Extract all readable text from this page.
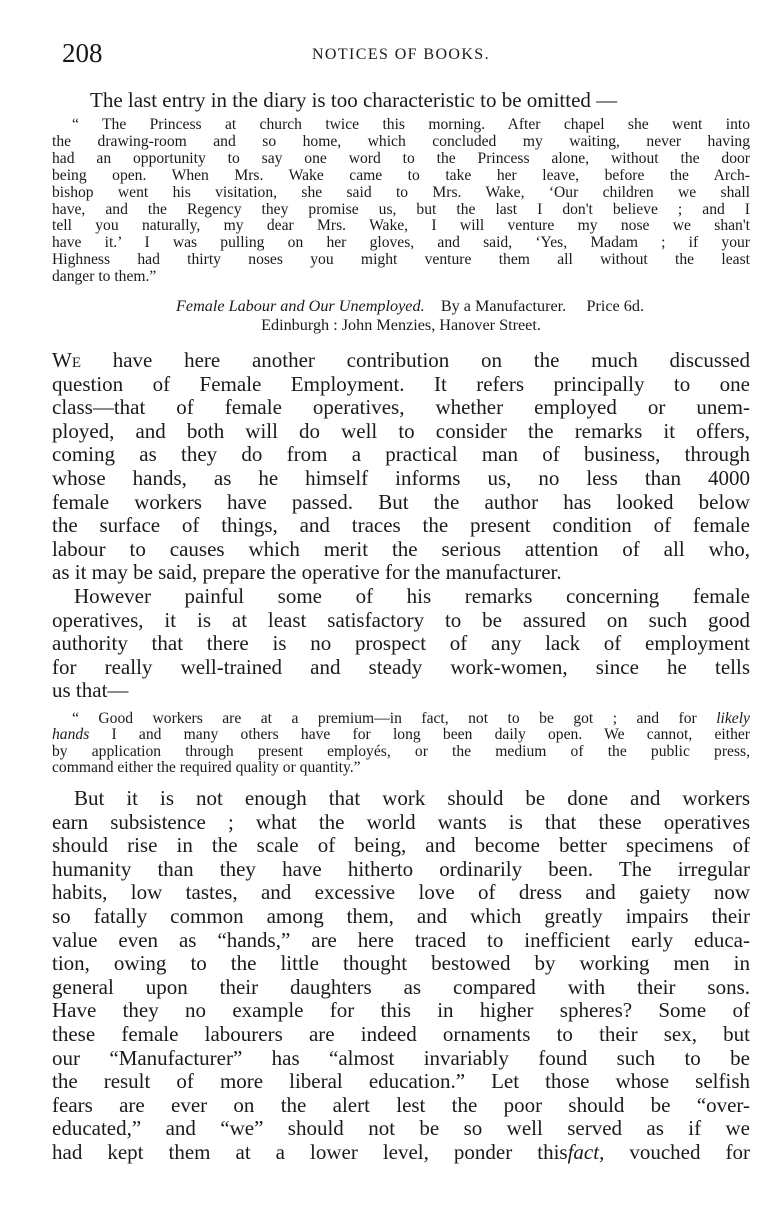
208	NOTICES OF BOOKS.
The last entry in the diary is too characteristic to be omitted —
“ The Princess at church twice this morning. After chapel she went into
the drawing-room and so home, which concluded my waiting, never having
had an opportunity to say one word to the Princess alone, without the door
being open. When Mrs. Wake came to take her leave, before the Arch-
bishop went his visitation, she said to Mrs. Wake, ‘Our children we shall
have, and the Regency they promise us, but the last I don't believe ; and I
tell you naturally, my dear Mrs. Wake, I will venture my nose we shan't
have it.’ I was pulling on her gloves, and said, ‘Yes, Madam ; if your
Highness had thirty noses you might venture them all without the least
danger to them.”
Female Labour and Our Unemployed. By a Manufacturer. Price 6d.
Edinburgh : John Menzies, Hanover Street.
We have here another contribution on the much discussed
question of Female Employment. It refers principally to one
class—that of female operatives, whether employed or unem-
ployed, and both will do well to consider the remarks it offers,
coming as they do from a practical man of business, through
whose hands, as he himself informs us, no less than 4000
female workers have passed. But the author has looked below
the surface of things, and traces the present condition of female
labour to causes which merit the serious attention of all who,
as it may be said, prepare the operative for the manufacturer.
However painful some of his remarks concerning female
operatives, it is at least satisfactory to be assured on such good
authority that there is no prospect of any lack of employment
for really well-trained and steady work-women, since he tells
us that—
“ Good workers are at a premium—in fact, not to be got ; and for likely
hands I and many others have for long been daily open. We cannot, either
by application through present employés, or the medium of the public press,
command either the required quality or quantity.”
But it is not enough that work should be done and workers
earn subsistence ; what the world wants is that these operatives
should rise in the scale of being, and become better specimens of
humanity than they have hitherto ordinarily been. The irregular
habits, low tastes, and excessive love of dress and gaiety now
so fatally common among them, and which greatly impairs their
value even as “hands,” are here traced to inefficient early educa-
tion, owing to the little thought bestowed by working men in
general upon their daughters as compared with their sons.
Have they no example for this in higher spheres? Some of
these female labourers are indeed ornaments to their sex, but
our “Manufacturer” has “almost invariably found such to be
the result of more liberal education.” Let those whose selfish
fears are ever on the alert lest the poor should be “over-
educated,” and “we” should not be so well served as if we
had kept them at a lower level, ponder thisfact, vouched for
